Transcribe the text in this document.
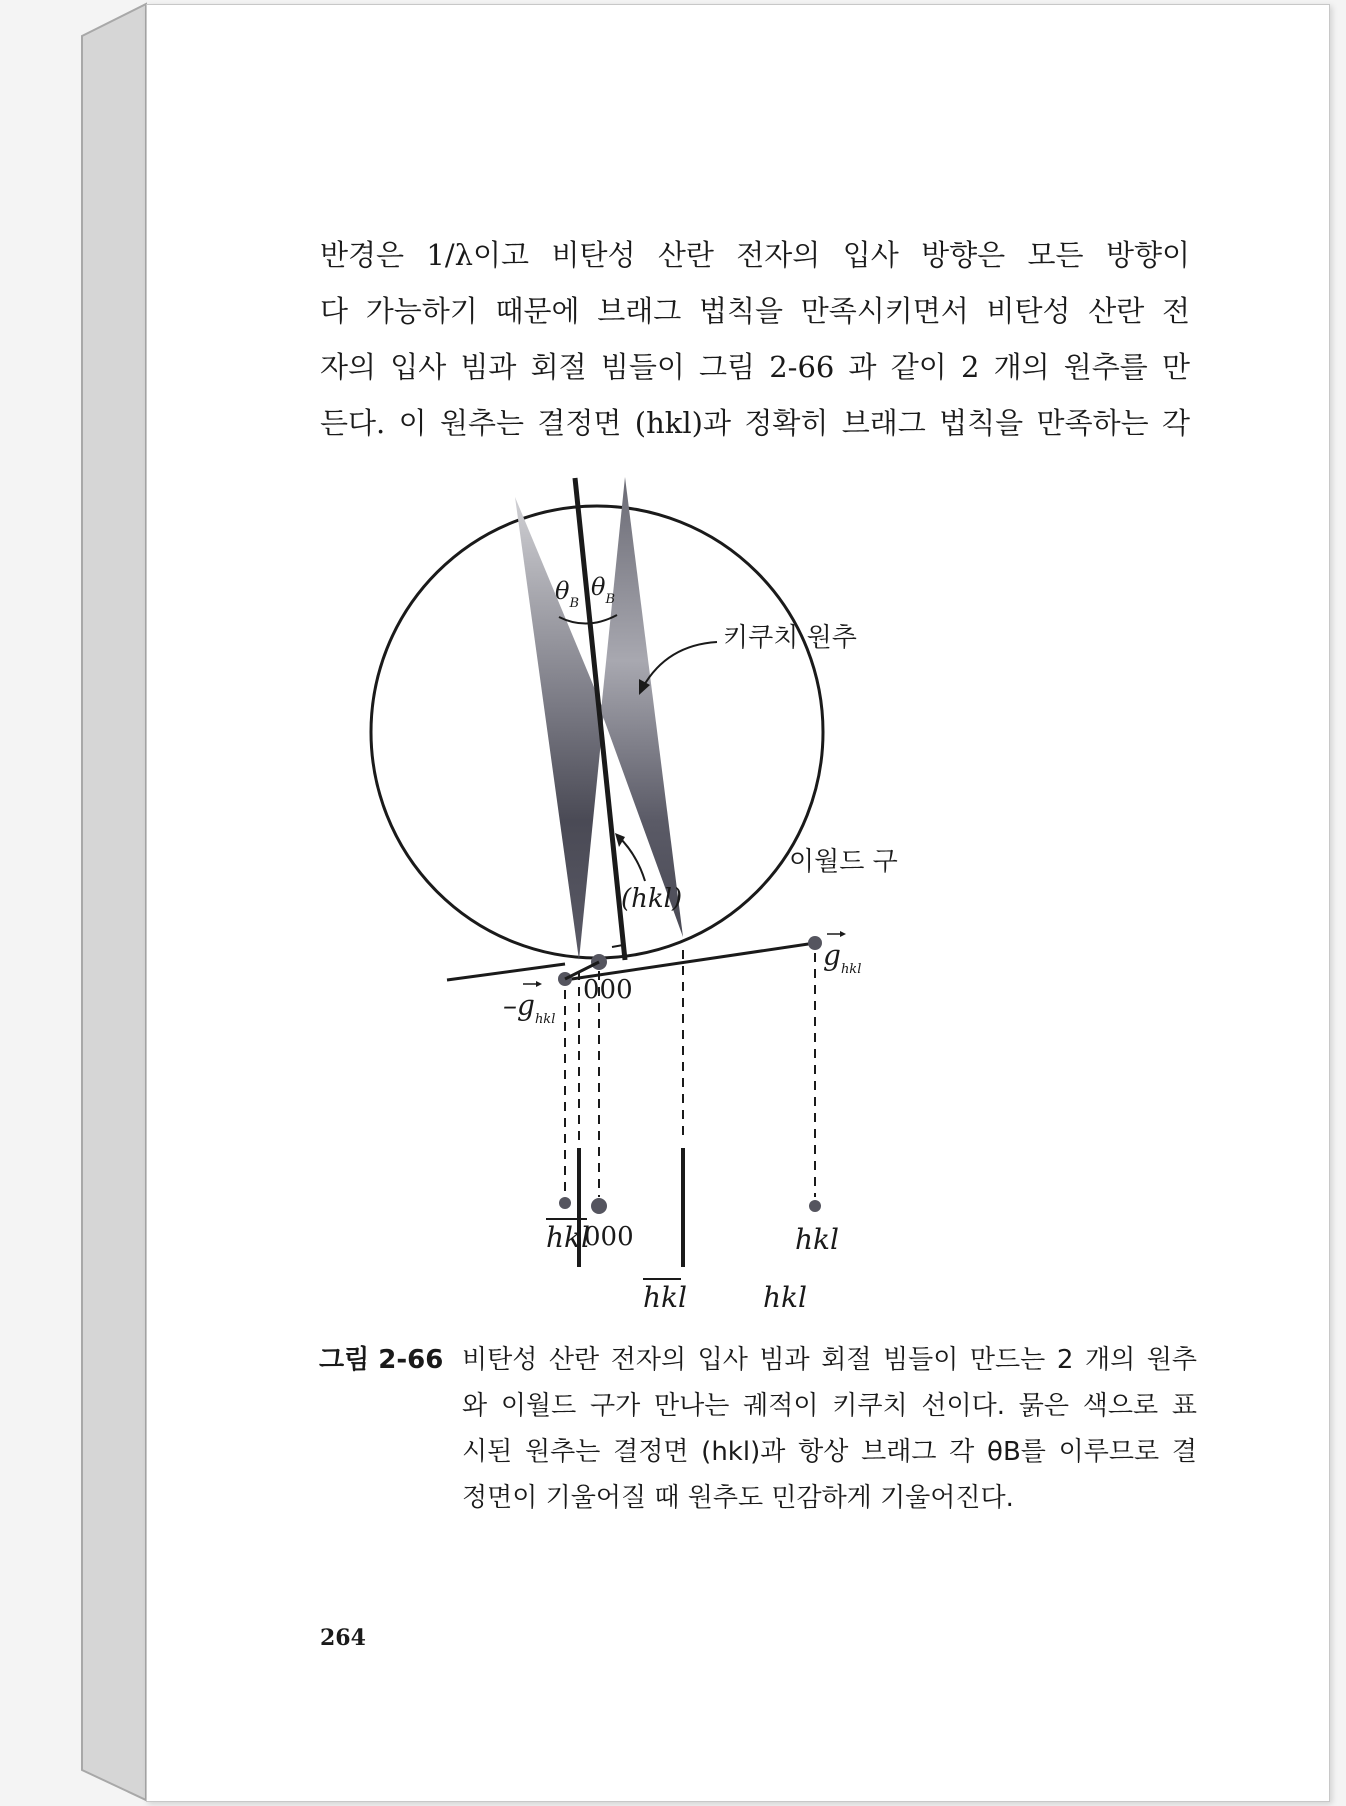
반경은 1/λ이고 비탄성 산란 전자의 입사 방향은 모든 방향이
다 가능하기 때문에 브래그 법칙을 만족시키면서 비탄성 산란 전
자의 입사 빔과 회절 빔들이 그림 2-66 과 같이 2 개의 원추를 만
든다. 이 원추는 결정면 (hkl)과 정확히 브래그 법칙을 만족하는 각
$\theta_B$
$\theta_B$
키쿠치 원추
이월드 구
(hkl)
000
$g_{hkl}$
$-g_{hkl}$
hkl
000	hkl
hkl	hkl
그림 2-66 비탄성 산란 전자의 입사 빔과 회절 빔들이 만드는 2 개의 원추
와 이월드 구가 만나는 궤적이 키쿠치 선이다. 묽은 색으로 표
시된 원추는 결정면 (hkl)과 항상 브래그 각 θB를 이루므로 결
정면이 기울어질 때 원추도 민감하게 기울어진다.
264
